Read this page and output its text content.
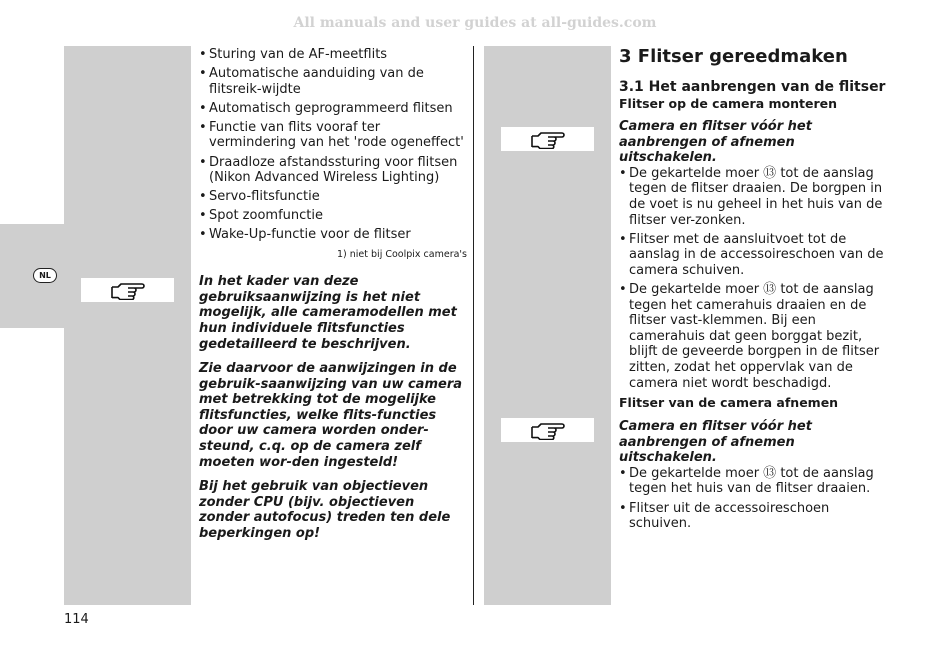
All manuals and user guides at all-guides.com
NL
• Sturing van de AF-meetflits
• Automatische aanduiding van de flitsreik-wijdte
• Automatisch geprogrammeerd flitsen
• Functie van flits vooraf ter vermindering van het 'rode ogeneffect'
• Draadloze afstandssturing voor flitsen (Nikon Advanced Wireless Lighting)
• Servo-flitsfunctie
• Spot zoomfunctie
• Wake-Up-functie voor de flitser
1) niet bij Coolpix camera's

In het kader van deze gebruiksaanwijzing is het niet mogelijk, alle cameramodellen met hun individuele flitsfuncties gedetailleerd te beschrijven.

Zie daarvoor de aanwijzingen in de gebruik-saanwijzing van uw camera met betrekking tot de mogelijke flitsfuncties, welke flits-functies door uw camera worden onder-steund, c.q. op de camera zelf moeten wor-den ingesteld!

Bij het gebruik van objectieven zonder CPU (bijv. objectieven zonder autofocus) treden ten dele beperkingen op!

3 Flitser gereedmaken
3.1 Het aanbrengen van de flitser
Flitser op de camera monteren

Camera en flitser vóór het aanbrengen of afnemen uitschakelen.

• De gekartelde moer ⑬ tot de aanslag tegen de flitser draaien. De borgpen in de voet is nu geheel in het huis van de flitser ver-zonken.
• Flitser met de aansluitvoet tot de aanslag in de accessoireschoen van de camera schuiven.
• De gekartelde moer ⑬ tot de aanslag tegen het camerahuis draaien en de flitser vast-klemmen. Bij een camerahuis dat geen borggat bezit, blijft de geveerde borgpen in de flitser zitten, zodat het oppervlak van de camera niet wordt beschadigd.
Flitser van de camera afnemen

Camera en flitser vóór het aanbrengen of afnemen uitschakelen.

• De gekartelde moer ⑬ tot de aanslag tegen het huis van de flitser draaien.
• Flitser uit de accessoireschoen schuiven.
114
